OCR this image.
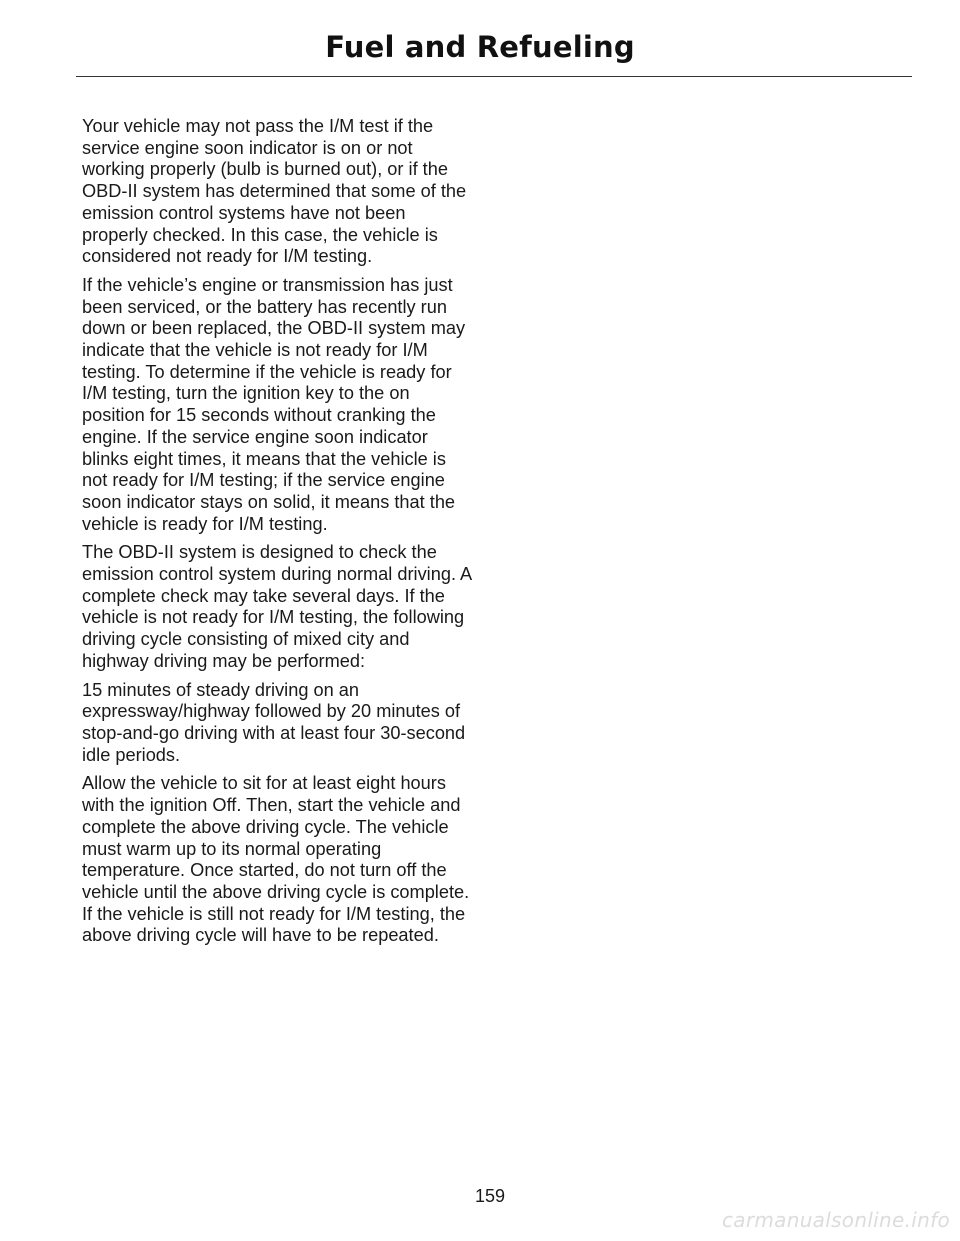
Fuel and Refueling

Your vehicle may not pass the I/M test if the service engine soon indicator is on or not working properly (bulb is burned out), or if the OBD-II system has determined that some of the emission control systems have not been properly checked. In this case, the vehicle is considered not ready for I/M testing.

If the vehicle’s engine or transmission has just been serviced, or the battery has recently run down or been replaced, the OBD-II system may indicate that the vehicle is not ready for I/M testing. To determine if the vehicle is ready for I/M testing, turn the ignition key to the on position for 15 seconds without cranking the engine. If the service engine soon indicator blinks eight times, it means that the vehicle is not ready for I/M testing; if the service engine soon indicator stays on solid, it means that the vehicle is ready for I/M testing.

The OBD-II system is designed to check the emission control system during normal driving. A complete check may take several days. If the vehicle is not ready for I/M testing, the following driving cycle consisting of mixed city and highway driving may be performed:

15 minutes of steady driving on an expressway/highway followed by 20 minutes of stop-and-go driving with at least four 30-second idle periods.

Allow the vehicle to sit for at least eight hours with the ignition Off. Then, start the vehicle and complete the above driving cycle. The vehicle must warm up to its normal operating temperature. Once started, do not turn off the vehicle until the above driving cycle is complete. If the vehicle is still not ready for I/M testing, the above driving cycle will have to be repeated.

159
carmanualsonline.info
